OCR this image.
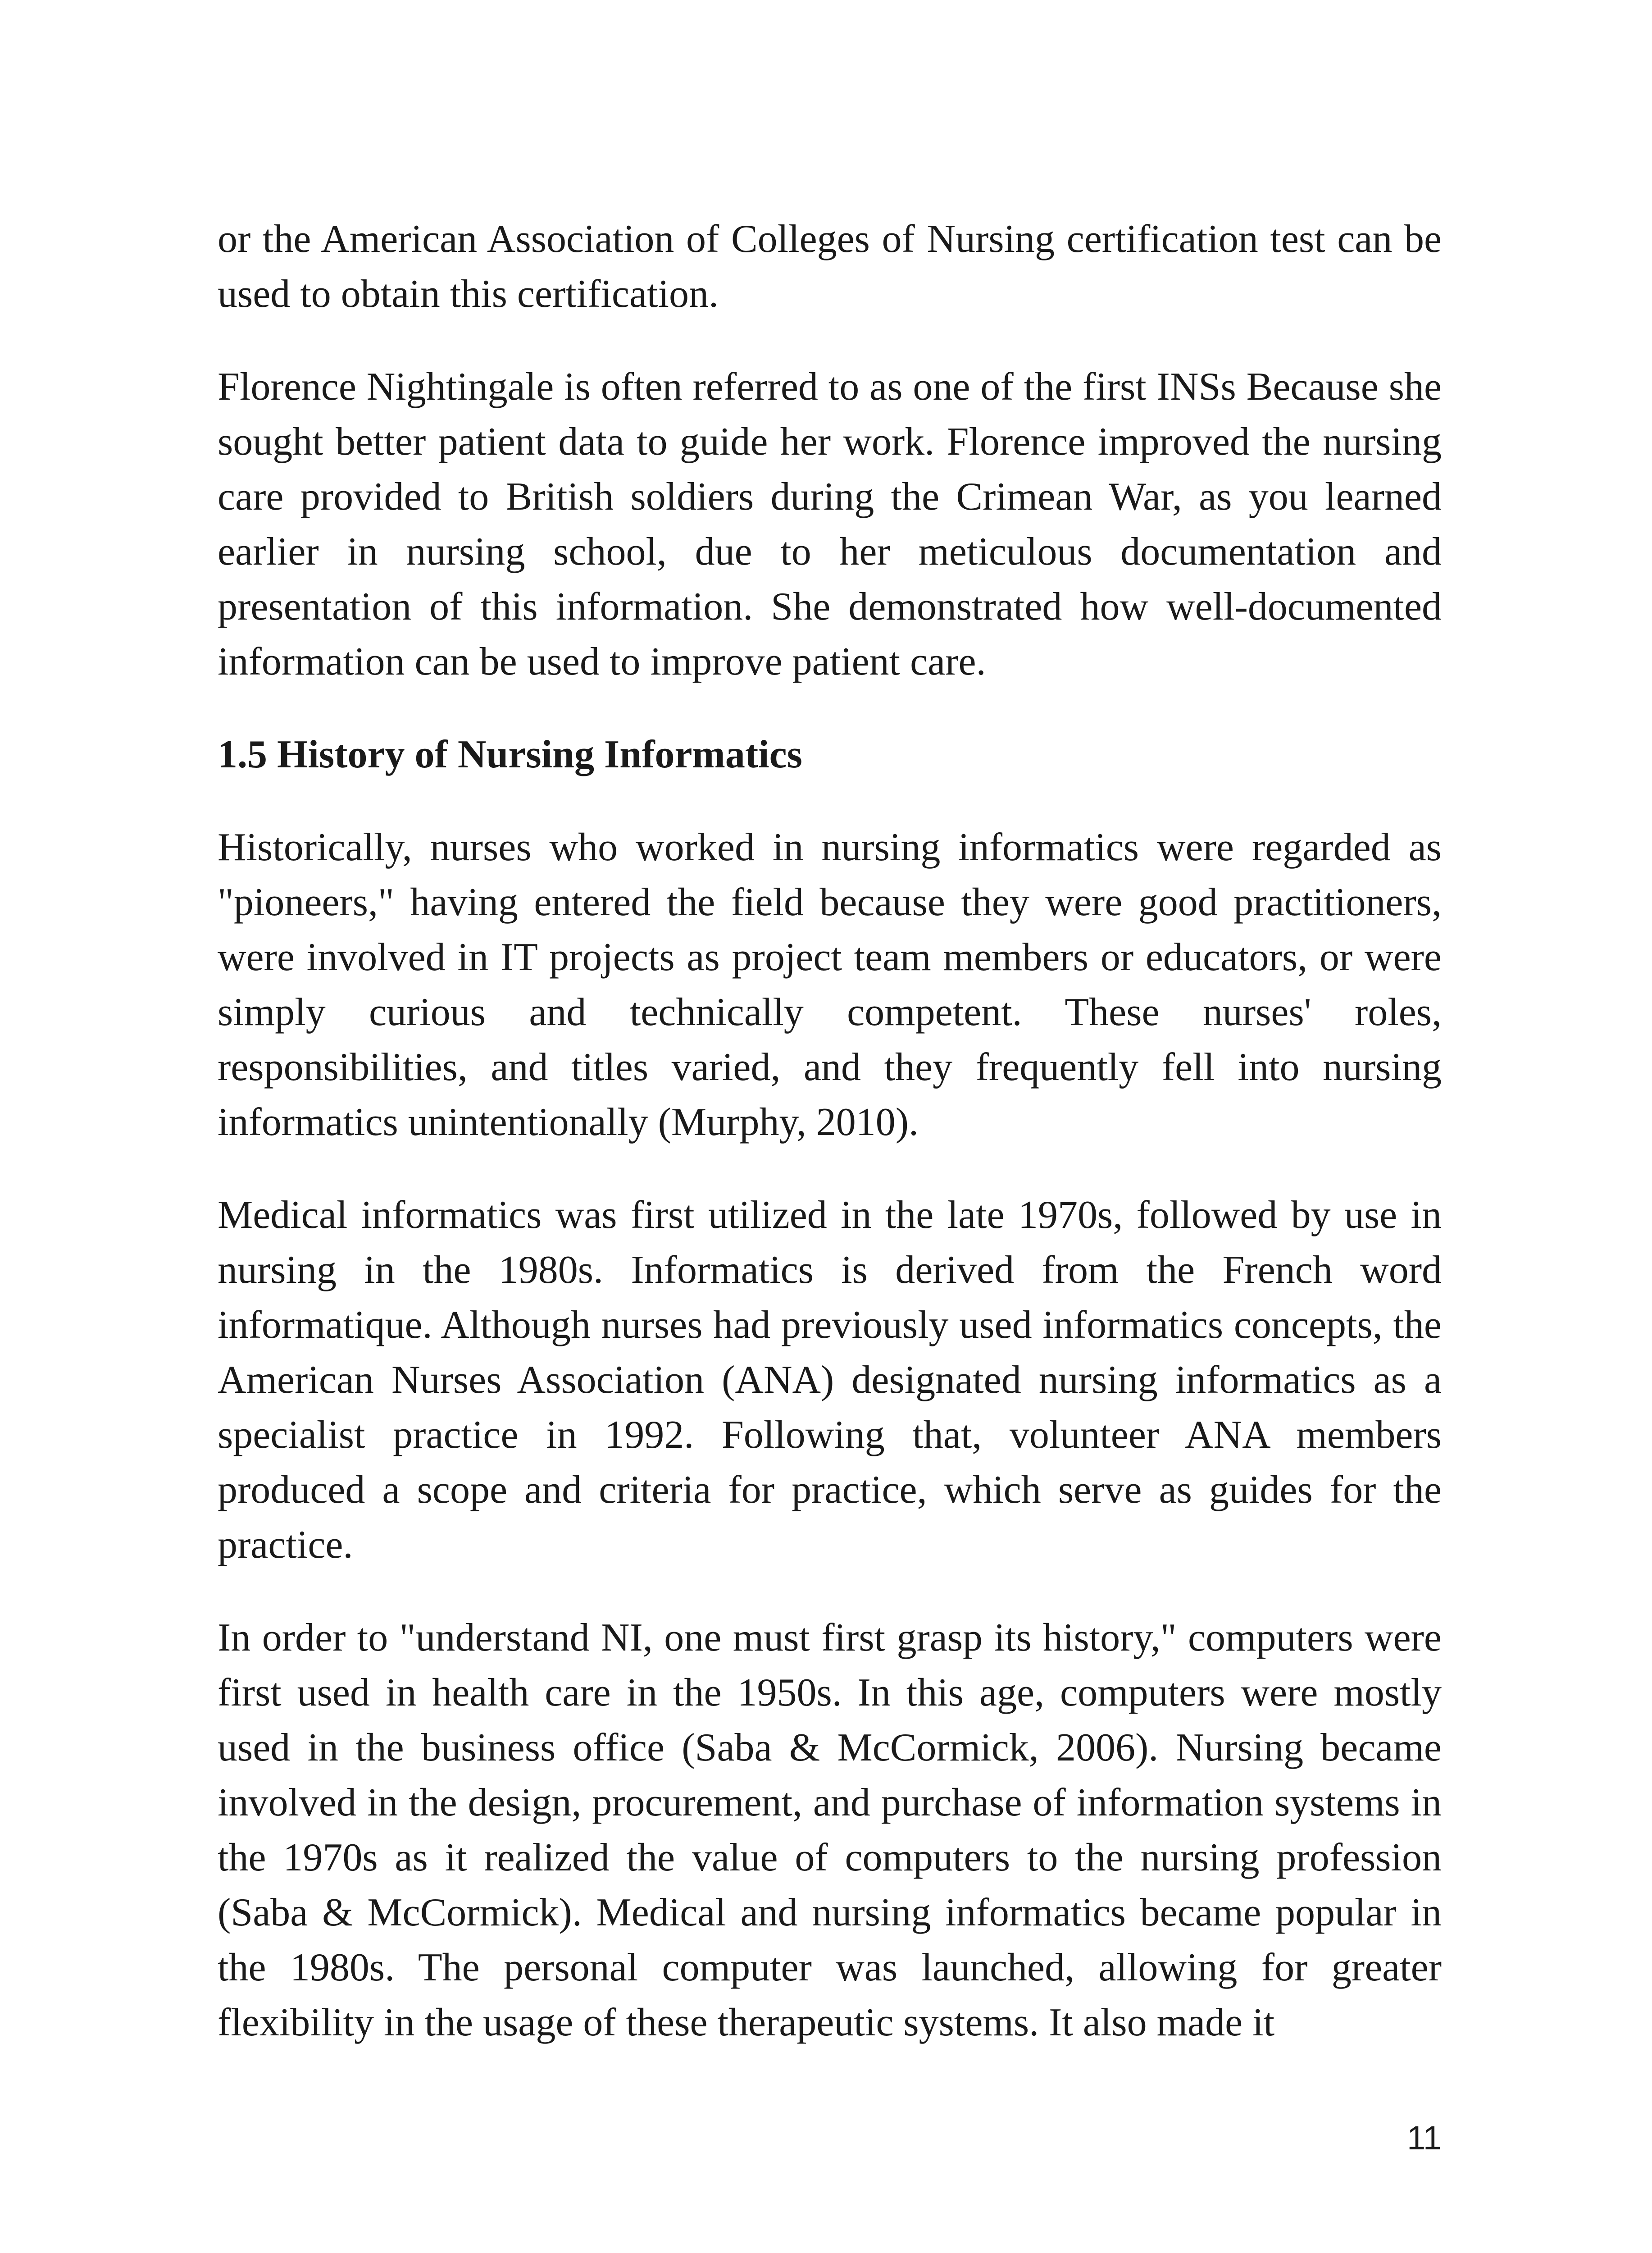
or the American Association of Colleges of Nursing certification test can be used to obtain this certification.

Florence Nightingale is often referred to as one of the first INSs Because she sought better patient data to guide her work. Florence improved the nursing care provided to British soldiers during the Crimean War, as you learned earlier in nursing school, due to her meticulous documentation and presentation of this information. She demonstrated how well-documented information can be used to improve patient care.

1.5 History of Nursing Informatics

Historically, nurses who worked in nursing informatics were regarded as "pioneers," having entered the field because they were good practitioners, were involved in IT projects as project team members or educators, or were simply curious and technically competent. These nurses' roles, responsibilities, and titles varied, and they frequently fell into nursing informatics unintentionally (Murphy, 2010).

Medical informatics was first utilized in the late 1970s, followed by use in nursing in the 1980s. Informatics is derived from the French word informatique. Although nurses had previously used informatics concepts, the American Nurses Association (ANA) designated nursing informatics as a specialist practice in 1992. Following that, volunteer ANA members produced a scope and criteria for practice, which serve as guides for the practice.

In order to "understand NI, one must first grasp its history," computers were first used in health care in the 1950s. In this age, computers were mostly used in the business office (Saba & McCormick, 2006). Nursing became involved in the design, procurement, and purchase of information systems in the 1970s as it realized the value of computers to the nursing profession (Saba & McCormick). Medical and nursing informatics became popular in the 1980s. The personal computer was launched, allowing for greater flexibility in the usage of these therapeutic systems. It also made it

11
